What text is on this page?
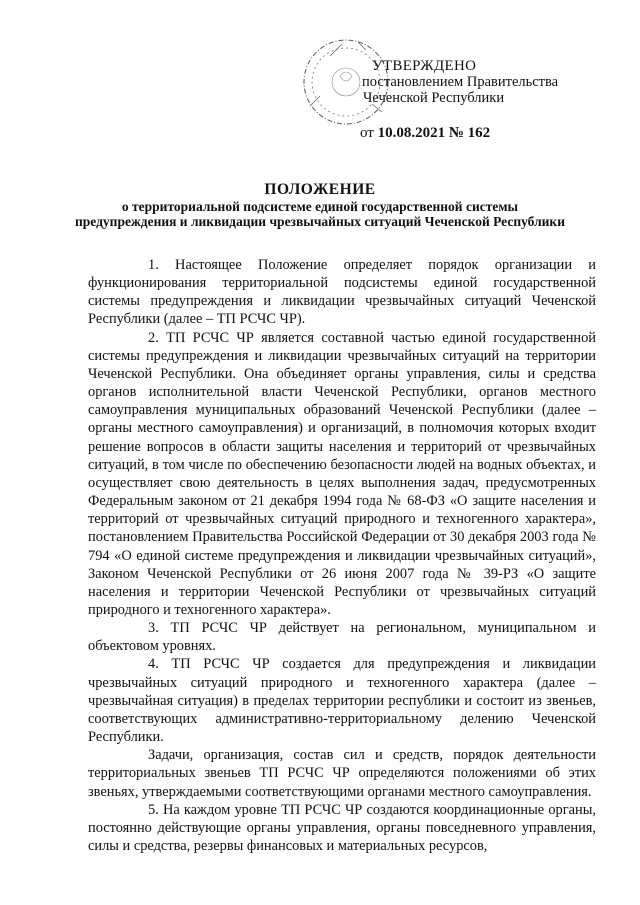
УТВЕРЖДЕНО
постановлением Правительства
Чеченской Республики
от 10.08.2021 № 162
ПОЛОЖЕНИЕ
о территориальной подсистеме единой государственной системы предупреждения и ликвидации чрезвычайных ситуаций Чеченской Республики

1. Настоящее Положение определяет порядок организации и функционирования территориальной подсистемы единой государственной системы предупреждения и ликвидации чрезвычайных ситуаций Чеченской Республики (далее – ТП РСЧС ЧР).

2. ТП РСЧС ЧР является составной частью единой государственной системы предупреждения и ликвидации чрезвычайных ситуаций на территории Чеченской Республики. Она объединяет органы управления, силы и средства органов исполнительной власти Чеченской Республики, органов местного самоуправления муниципальных образований Чеченской Республики (далее – органы местного самоуправления) и организаций, в полномочия которых входит решение вопросов в области защиты населения и территорий от чрезвычайных ситуаций, в том числе по обеспечению безопасности людей на водных объектах, и осуществляет свою деятельность в целях выполнения задач, предусмотренных Федеральным законом от 21 декабря 1994 года № 68-ФЗ «О защите населения и территорий от чрезвычайных ситуаций природного и техногенного характера», постановлением Правительства Российской Федерации от 30 декабря 2003 года № 794 «О единой системе предупреждения и ликвидации чрезвычайных ситуаций», Законом Чеченской Республики от 26 июня 2007 года № 39-РЗ «О защите населения и территории Чеченской Республики от чрезвычайных ситуаций природного и техногенного характера».

3. ТП РСЧС ЧР действует на региональном, муниципальном и объектовом уровнях.

4. ТП РСЧС ЧР создается для предупреждения и ликвидации чрезвычайных ситуаций природного и техногенного характера (далее – чрезвычайная ситуация) в пределах территории республики и состоит из звеньев, соответствующих административно-территориальному делению Чеченской Республики.

Задачи, организация, состав сил и средств, порядок деятельности территориальных звеньев ТП РСЧС ЧР определяются положениями об этих звеньях, утверждаемыми соответствующими органами местного самоуправления.

5. На каждом уровне ТП РСЧС ЧР создаются координационные органы, постоянно действующие органы управления, органы повседневного управления, силы и средства, резервы финансовых и материальных ресурсов,
